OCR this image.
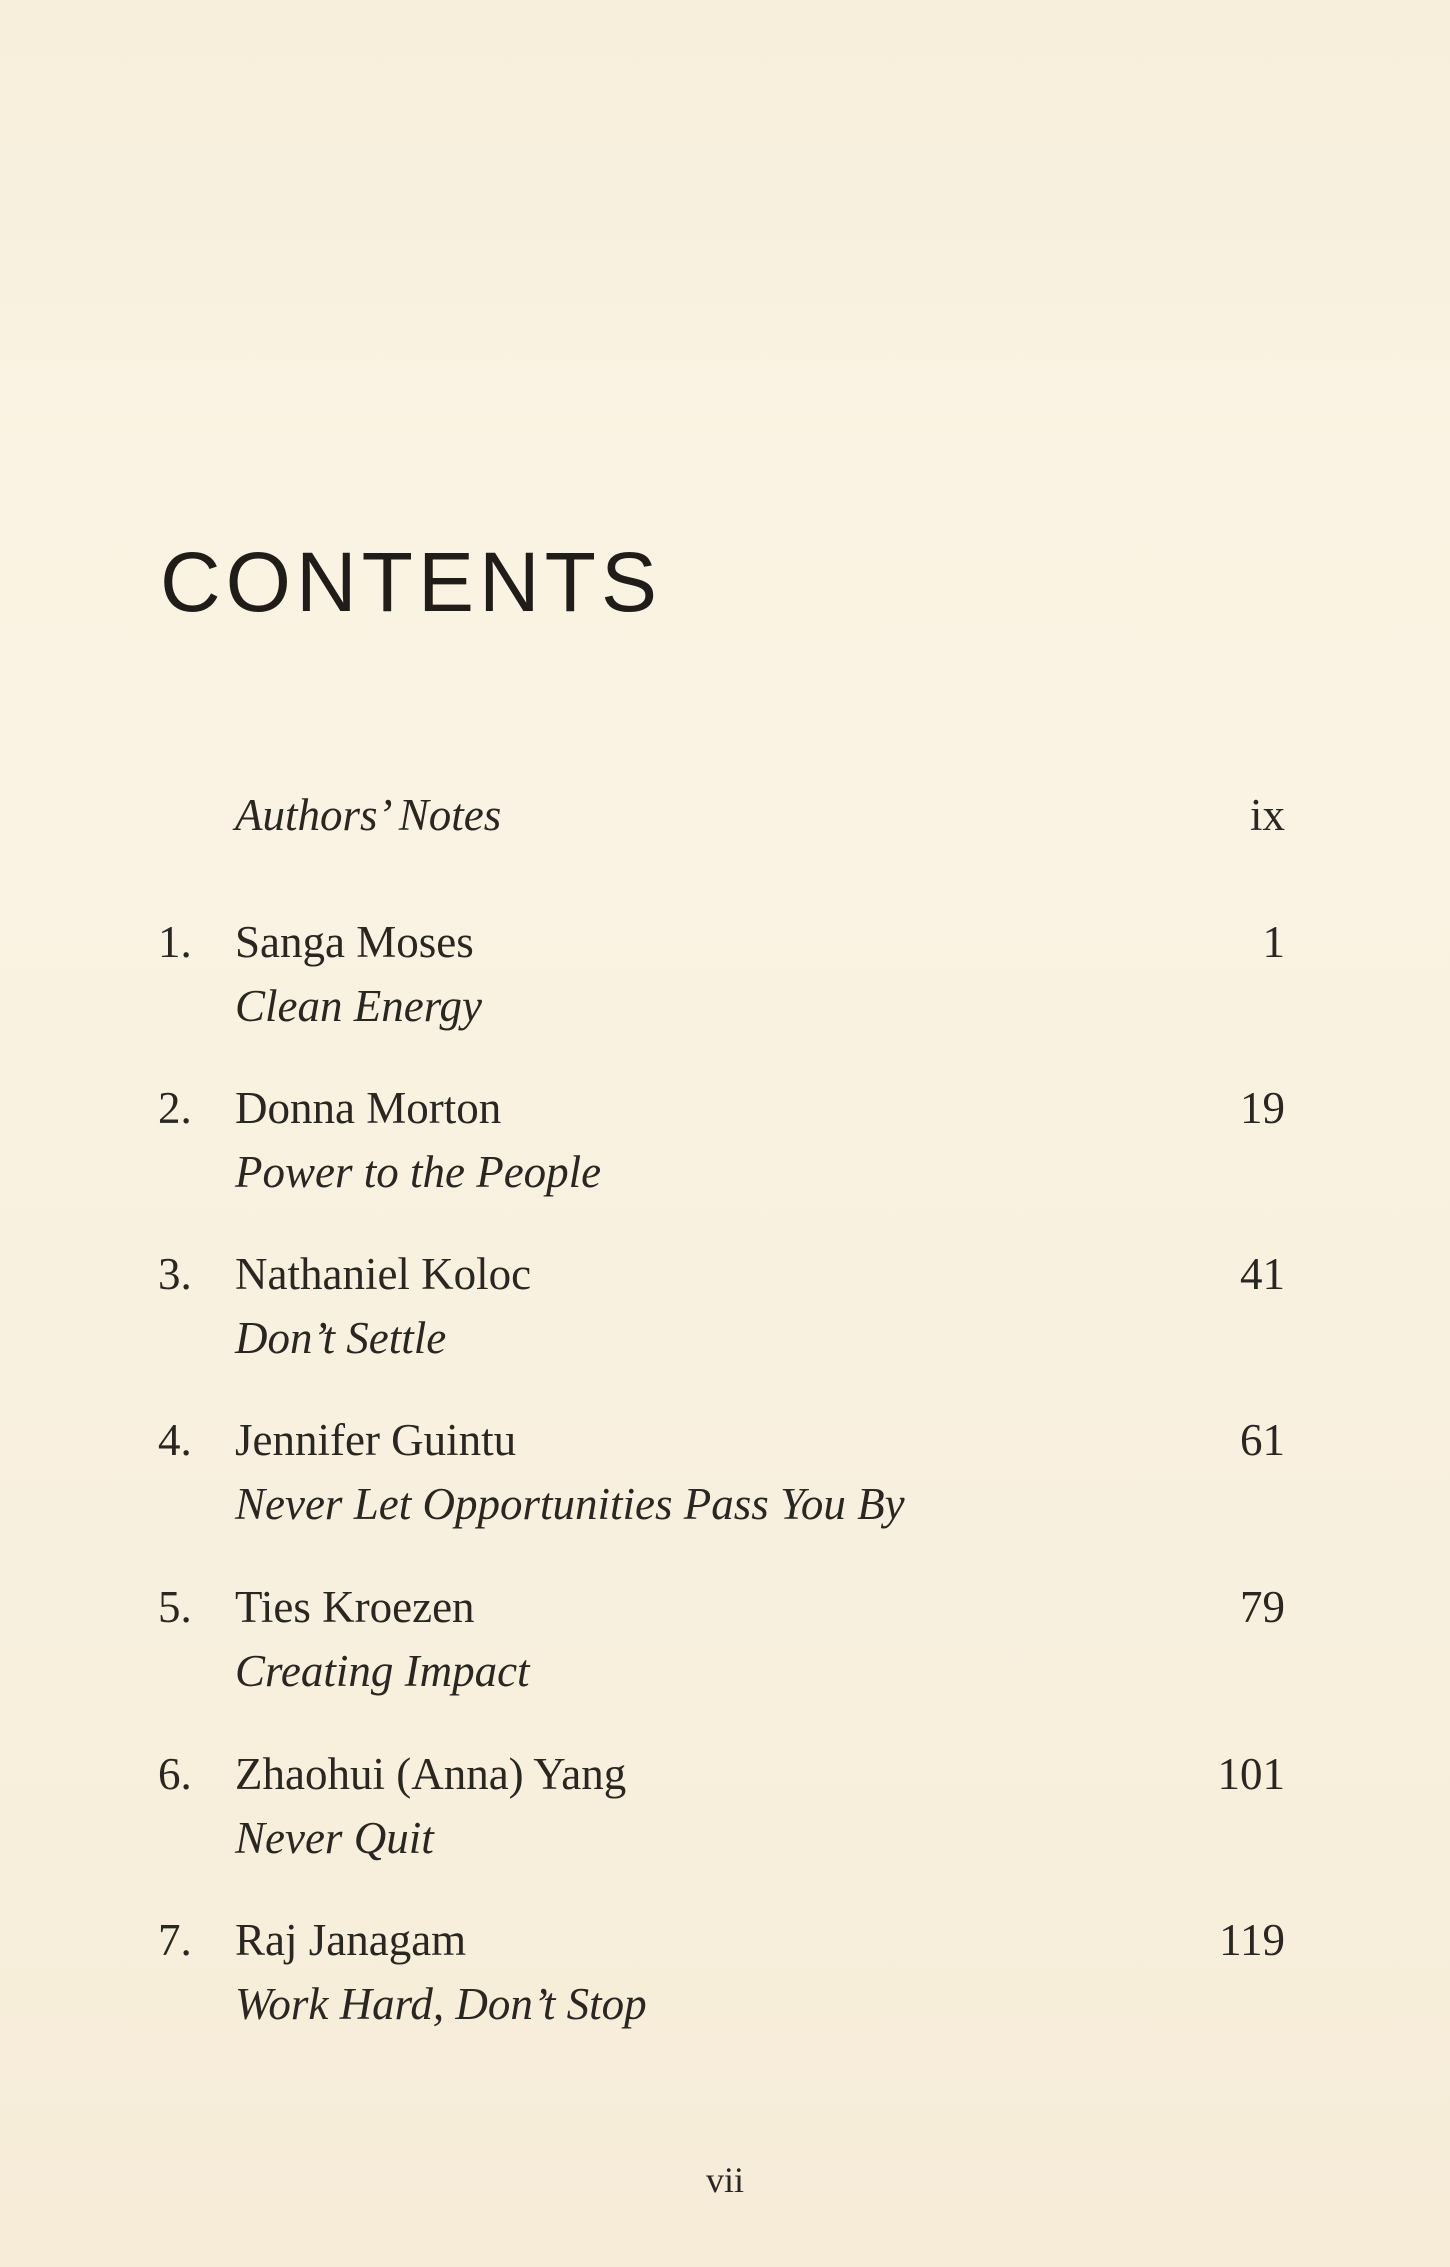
CONTENTS
Authors’ Notes	ix
1. Sanga Moses	1
Clean Energy
2. Donna Morton	19
Power to the People
3. Nathaniel Koloc	41
Don’t Settle
4. Jennifer Guintu	61
Never Let Opportunities Pass You By
5. Ties Kroezen	79
Creating Impact
6. Zhaohui (Anna) Yang	101
Never Quit
7. Raj Janagam	119
Work Hard, Don’t Stop
vii
